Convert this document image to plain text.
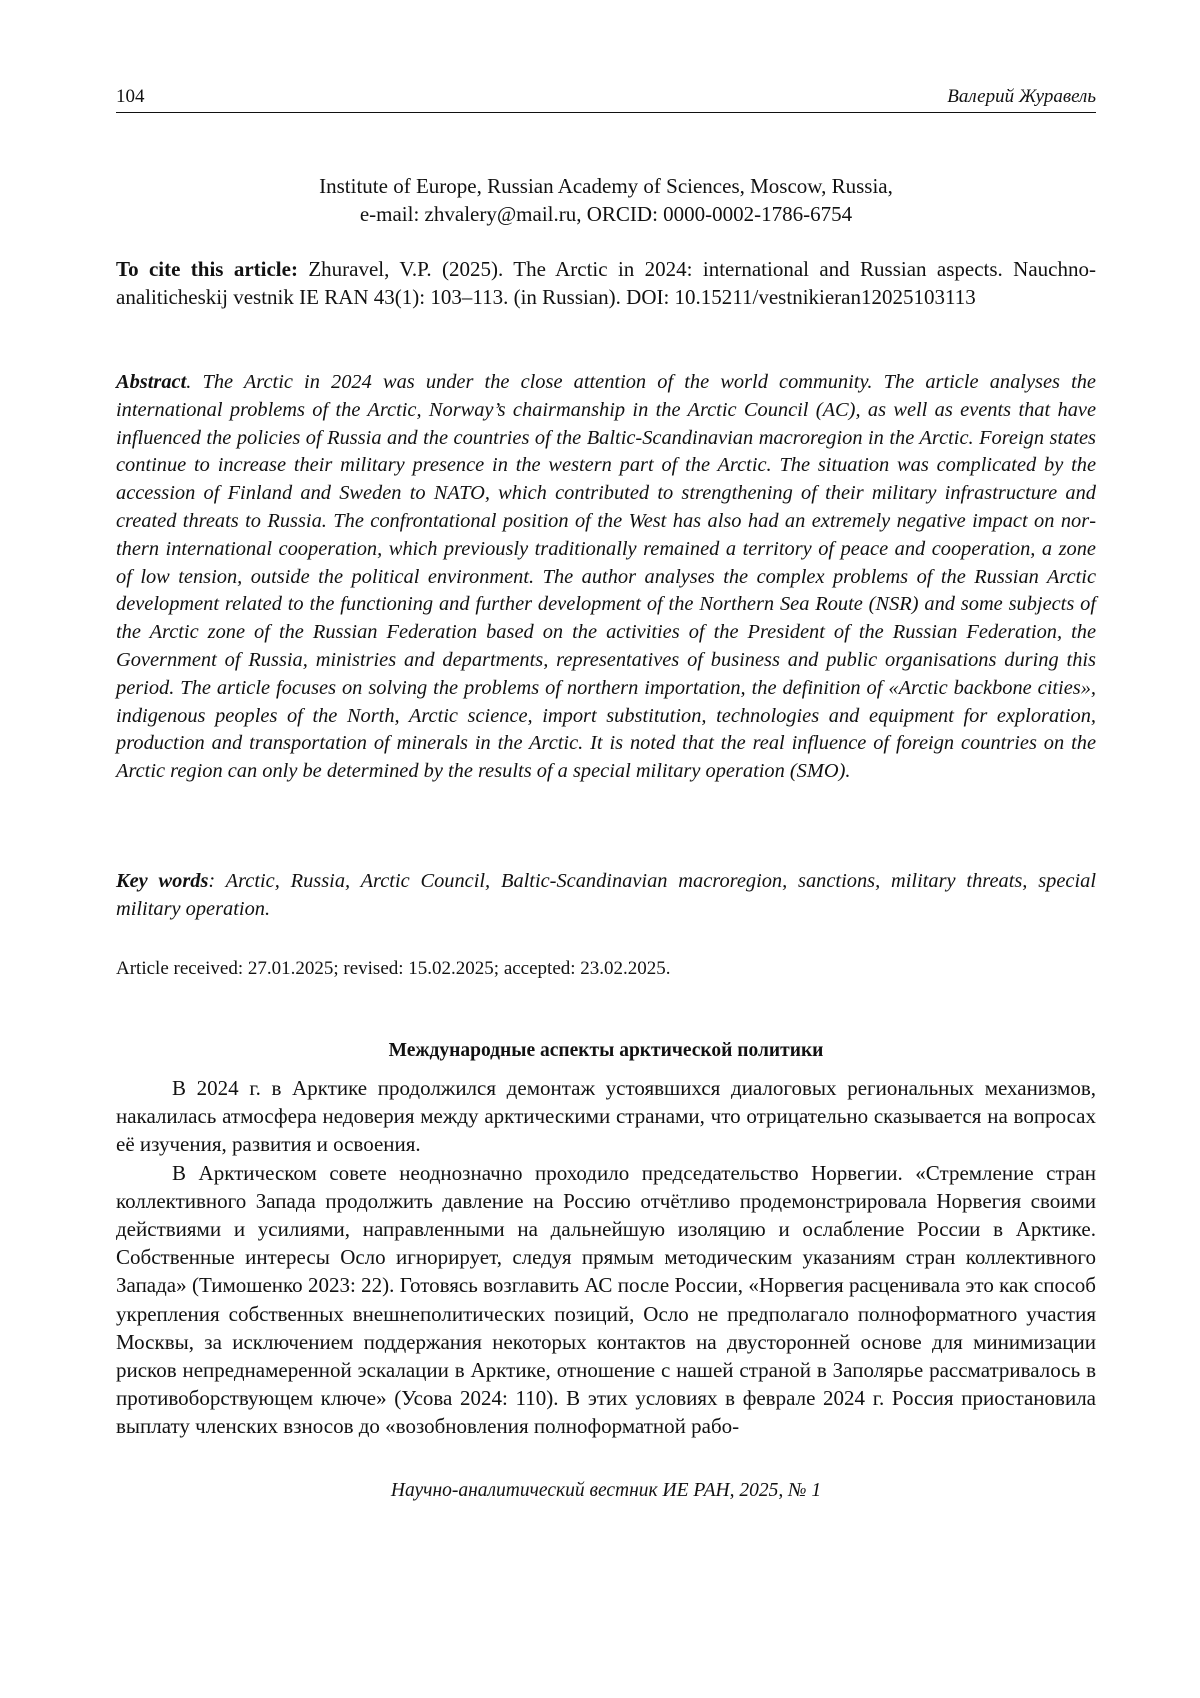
104	Валерий Журавель
Institute of Europe, Russian Academy of Sciences, Moscow, Russia,
e-mail: zhvalery@mail.ru, ORCID: 0000-0002-1786-6754
To cite this article: Zhuravel, V.P. (2025). The Arctic in 2024: international and Russian aspects. Nauchno-analiticheskij vestnik IE RAN 43(1): 103–113. (in Russian). DOI: 10.15211/vestnikieran12025103113
Abstract. The Arctic in 2024 was under the close attention of the world community. The article analyses the international problems of the Arctic, Norway’s chairmanship in the Arctic Council (AC), as well as events that have influenced the policies of Russia and the countries of the Baltic-Scandinavian macroregion in the Arctic. Foreign states continue to increase their military presence in the western part of the Arctic. The situation was complicated by the accession of Finland and Sweden to NATO, which contributed to strengthening of their military infrastructure and created threats to Russia. The confrontational position of the West has also had an extremely negative impact on northern international cooperation, which previously traditionally remained a territory of peace and cooperation, a zone of low tension, outside the political environment. The author analyses the complex problems of the Russian Arctic development related to the functioning and further development of the Northern Sea Route (NSR) and some subjects of the Arctic zone of the Russian Federation based on the activities of the President of the Russian Federation, the Government of Russia, ministries and departments, representatives of business and public organisations during this period. The article focuses on solving the problems of northern importation, the definition of «Arctic backbone cities», indigenous peoples of the North, Arctic science, import substitution, technologies and equipment for exploration, production and transportation of minerals in the Arctic. It is noted that the real influence of foreign countries on the Arctic region can only be determined by the results of a special military operation (SMO).
Key words: Arctic, Russia, Arctic Council, Baltic-Scandinavian macroregion, sanctions, military threats, special military operation.
Article received: 27.01.2025; revised: 15.02.2025; accepted: 23.02.2025.
Международные аспекты арктической политики

В 2024 г. в Арктике продолжился демонтаж устоявшихся диалоговых региональных механизмов, накалилась атмосфера недоверия между арктическими странами, что отрицательно сказывается на вопросах её изучения, развития и освоения.

В Арктическом совете неоднозначно проходило председательство Норвегии. «Стремление стран коллективного Запада продолжить давление на Россию отчётливо продемонстрировала Норвегия своими действиями и усилиями, направленными на дальнейшую изоляцию и ослабление России в Арктике. Собственные интересы Осло игнорирует, следуя прямым методическим указаниям стран коллективного Запада» (Тимошенко 2023: 22). Готовясь возглавить АС после России, «Норвегия расценивала это как способ укрепления собственных внешнеполитических позиций, Осло не предполагало полноформатного участия Москвы, за исключением поддержания некоторых контактов на двусторонней основе для минимизации рисков непреднамеренной эскалации в Арктике, отношение с нашей страной в Заполярье рассматривалось в противоборствующем ключе» (Усова 2024: 110). В этих условиях в феврале 2024 г. Россия приостановила выплату членских взносов до «возобновления полноформатной рабо-

Научно-аналитический вестник ИЕ РАН, 2025, № 1
